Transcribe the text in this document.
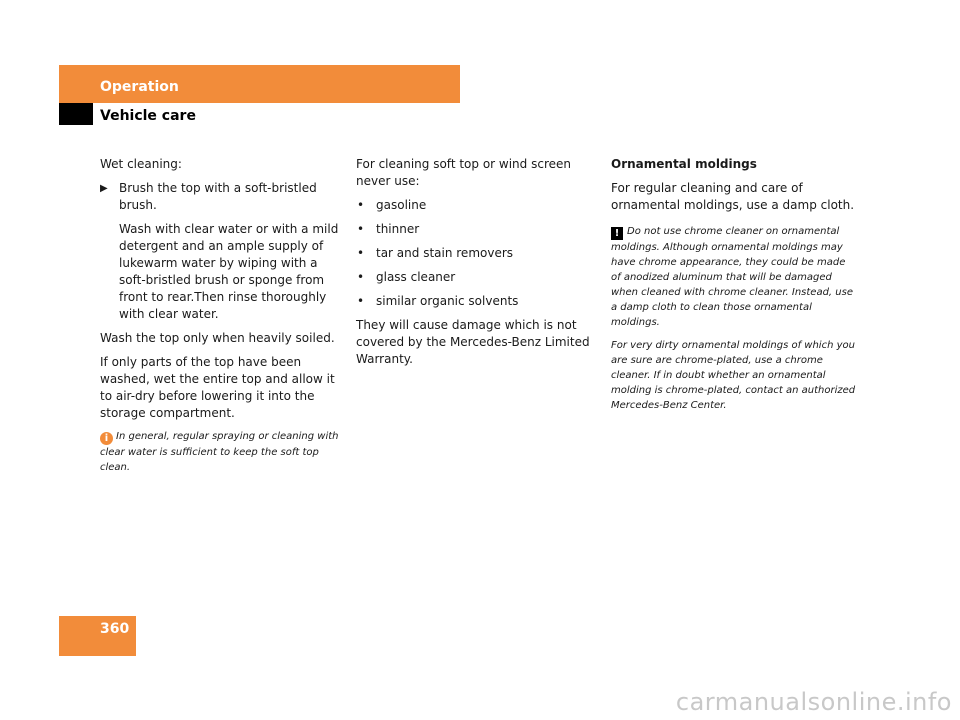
Operation
Vehicle care

Wet cleaning:

▶ Brush the top with a soft-bristled brush.
Wash with clear water or with a mild detergent and an ample supply of lukewarm water by wiping with a soft-bristled brush or sponge from front to rear.Then rinse thoroughly with clear water.

Wash the top only when heavily soiled.

If only parts of the top have been washed, wet the entire top and allow it to air-dry before lowering it into the storage compartment.

i In general, regular spraying or cleaning with clear water is sufficient to keep the soft top clean.

For cleaning soft top or wind screen never use:

• gasoline
• thinner
• tar and stain removers
• glass cleaner
• similar organic solvents

They will cause damage which is not covered by the Mercedes-Benz Limited Warranty.

Ornamental moldings

For regular cleaning and care of ornamental moldings, use a damp cloth.

! Do not use chrome cleaner on ornamental moldings. Although ornamental moldings may have chrome appearance, they could be made of anodized aluminum that will be damaged when cleaned with chrome cleaner. Instead, use a damp cloth to clean those ornamental moldings.

For very dirty ornamental moldings of which you are sure are chrome-plated, use a chrome cleaner. If in doubt whether an ornamental molding is chrome-plated, contact an authorized Mercedes-Benz Center.

360
carmanualsonline.info
